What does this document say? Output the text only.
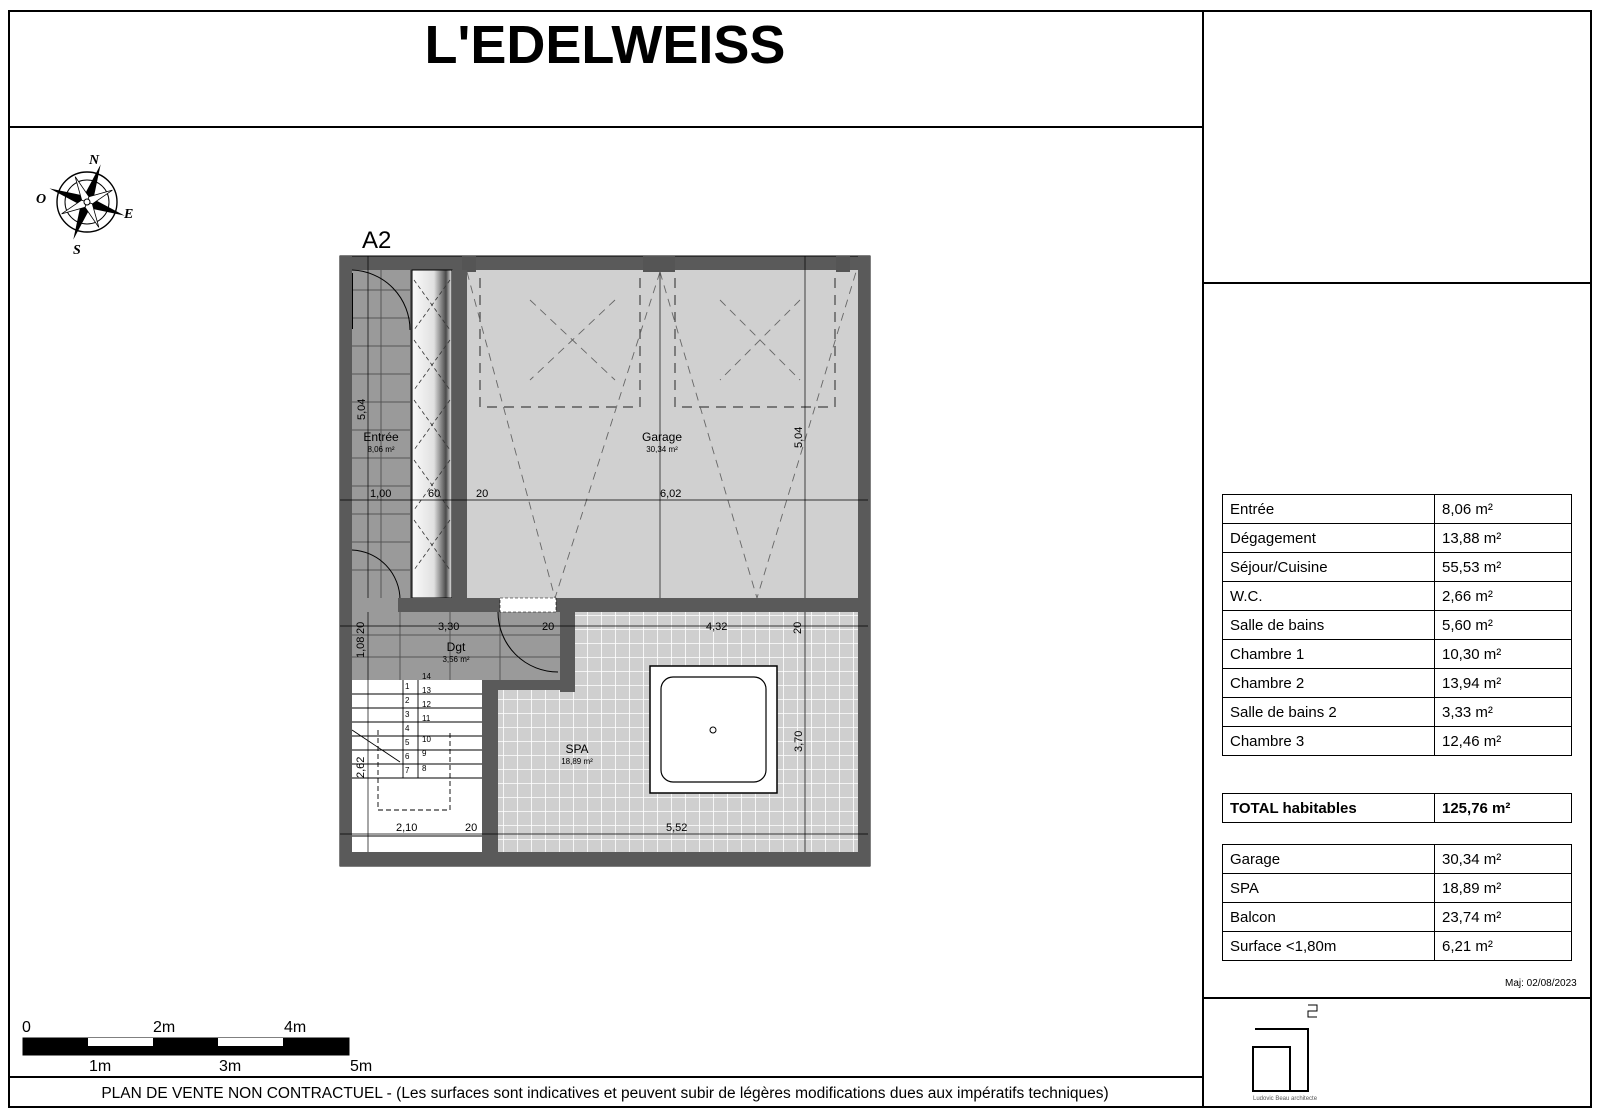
L'EDELWEISS
PLAN DE VENTE NON CONTRACTUEL - (Les surfaces sont indicatives et peuvent subir de légères modifications dues aux impératifs techniques)
N
E
S
O
A2
14
13
12
11
10
9
8
1
2
3
4
5
6
7
Entrée
8,06 m²
Garage
30,34 m²
Dgt
3,56 m²
SPA
18,89 m²
5,04
1,00	60	20	6,02
5,04
20	3,30	20	4,32	20
1,08
3,70
2,62
2,10	20	5,52
0	2m	4m
1m	3m	5m
Entrée	8,06 m²
Dégagement	13,88 m²
Séjour/Cuisine	55,53 m²
W.C.	2,66 m²
Salle de bains	5,60 m²
Chambre 1	10,30 m²
Chambre 2	13,94 m²
Salle de bains 2	3,33 m²
Chambre 3	12,46 m²
TOTAL habitables	125,76 m²
Garage	30,34 m²
SPA	18,89 m²
Balcon	23,74 m²
Surface <1,80m	6,21 m²
Maj: 02/08/2023
Ludovic Beau architecte
